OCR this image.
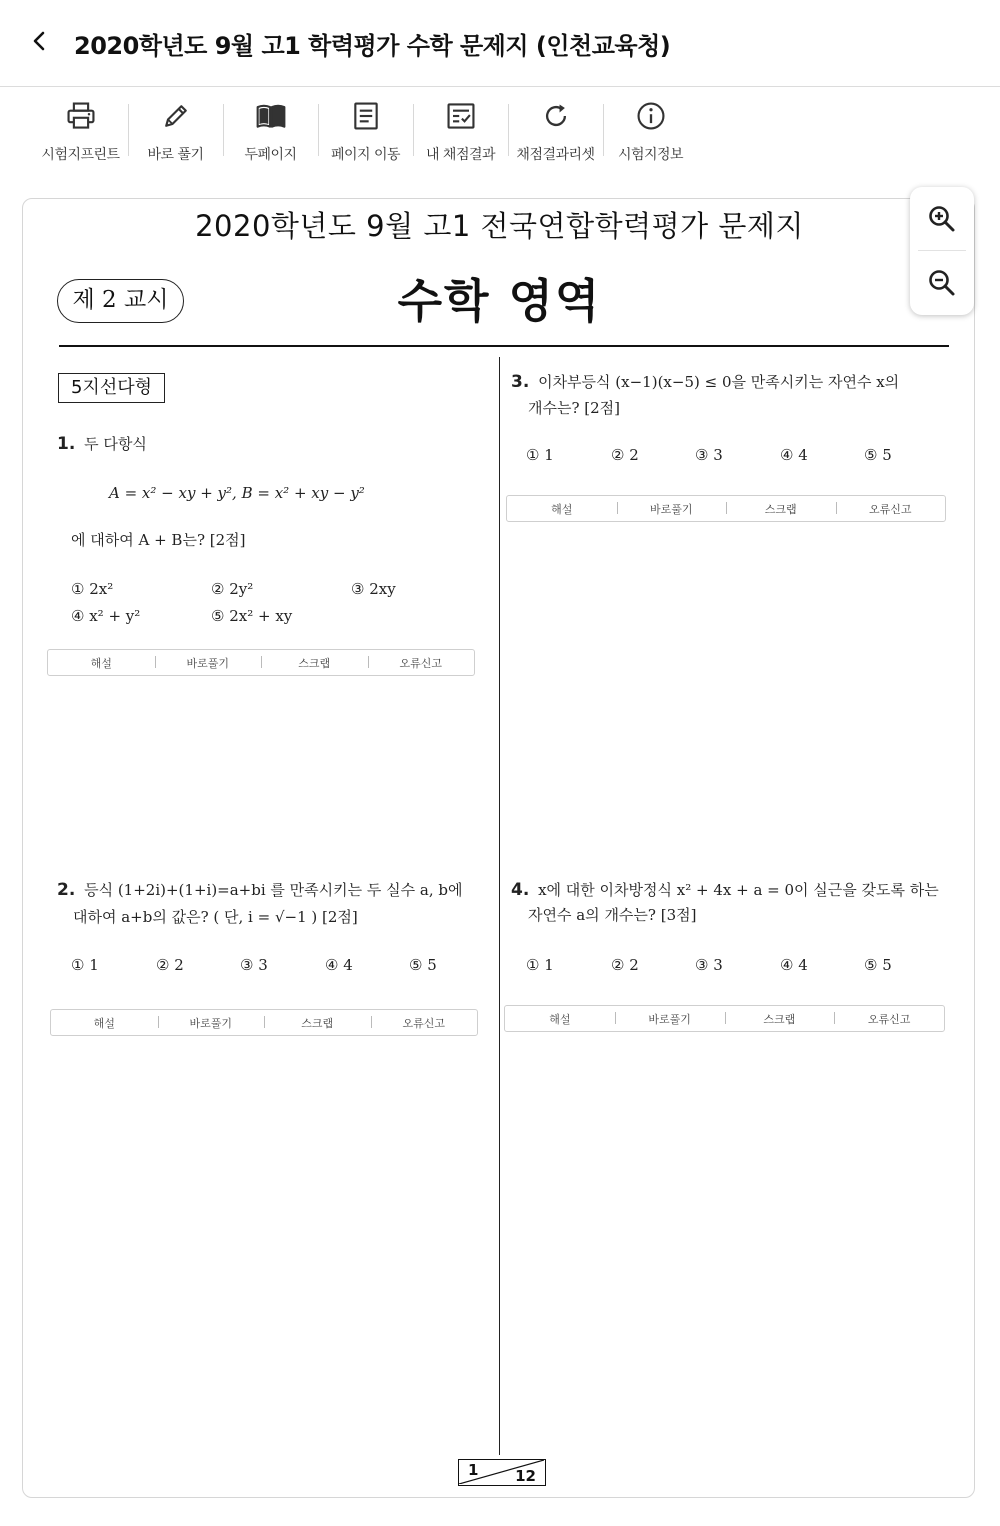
2020학년도 9월 고1 학력평가 수학 문제지 (인천교육청)
시험지프린트 바로 풀기	두페이지 페이지 이동 내 채점결과 채점결과리셋 시험지정보
2020학년도 9월 고1 전국연합학력평가 문제지
제 2 교시	수학 영역
5지선다형
1. 두 다항식
A = x² − xy + y², B = x² + xy − y²
에 대하여 A + B는? [2점]
① 2x²	② 2y²	③ 2xy
④ x² + y²	⑤ 2x² + xy
해설	바로풀기	스크랩	오류신고
3. 이차부등식 (x−1)(x−5) ≤ 0을 만족시키는 자연수 x의
개수는? [2점]
① 1	② 2	③ 3	④ 4	⑤ 5
해설	바로풀기	스크랩	오류신고
2. 등식 (1+2i)+(1+i)=a+bi 를 만족시키는 두 실수 a, b에
대하여 a+b의 값은? ( 단, i = √−1 ) [2점]
① 1	② 2	③ 3	④ 4	⑤ 5
해설	바로풀기	스크랩	오류신고
4. x에 대한 이차방정식 x² + 4x + a = 0이 실근을 갖도록 하는
자연수 a의 개수는? [3점]
① 1	② 2	③ 3	④ 4	⑤ 5
해설	바로풀기	스크랩	오류신고
1 12
